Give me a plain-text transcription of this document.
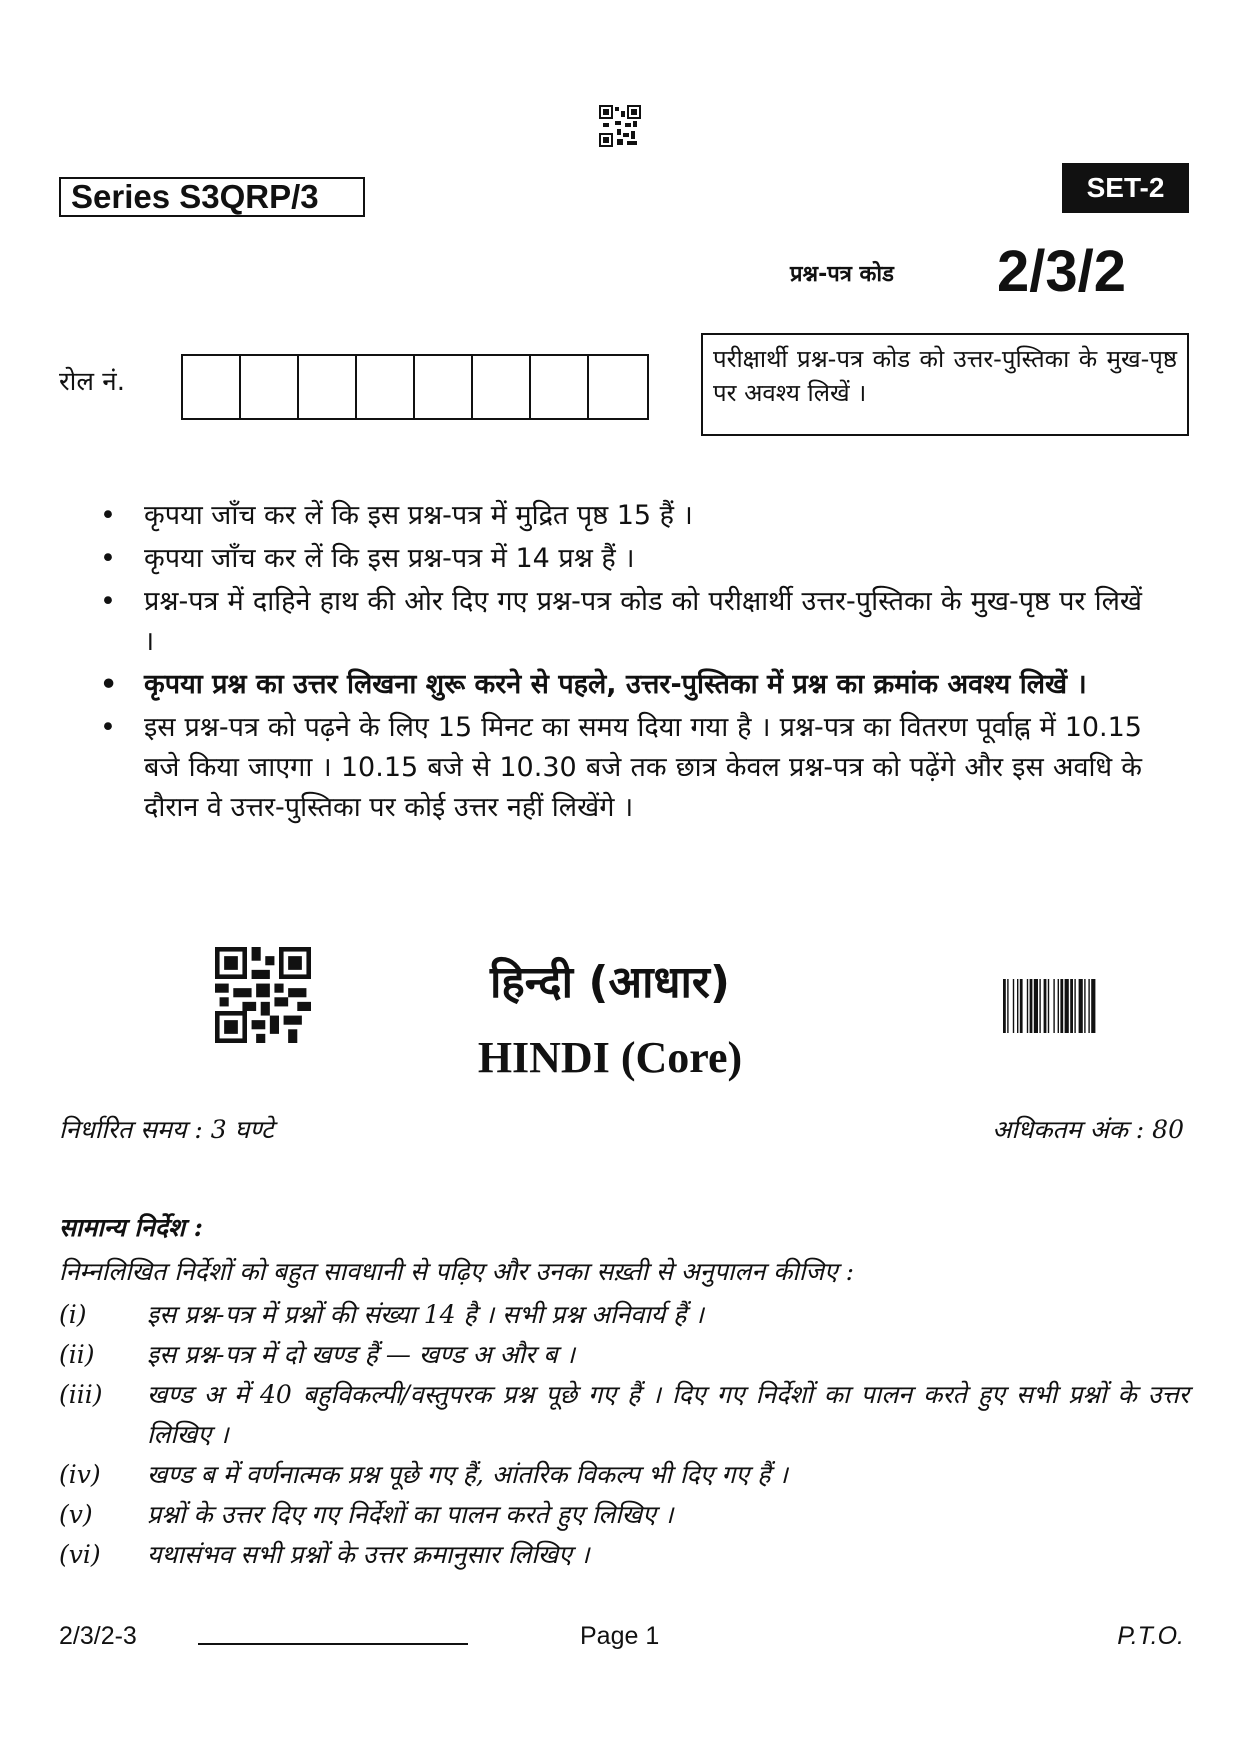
Series S3QRP/3	SET-2
प्रश्न-पत्र कोड 2/3/2
रोल नं.
परीक्षार्थी प्रश्न-पत्र कोड को उत्तर-पुस्तिका के मुख-पृष्ठ पर अवश्य लिखें ।
• कृपया जाँच कर लें कि इस प्रश्न-पत्र में मुद्रित पृष्ठ 15 हैं ।
• कृपया जाँच कर लें कि इस प्रश्न-पत्र में 14 प्रश्न हैं ।
• प्रश्न-पत्र में दाहिने हाथ की ओर दिए गए प्रश्न-पत्र कोड को परीक्षार्थी उत्तर-पुस्तिका के मुख-पृष्ठ पर लिखें ।
• कृपया प्रश्न का उत्तर लिखना शुरू करने से पहले, उत्तर-पुस्तिका में प्रश्न का क्रमांक अवश्य लिखें ।
• इस प्रश्न-पत्र को पढ़ने के लिए 15 मिनट का समय दिया गया है । प्रश्न-पत्र का वितरण पूर्वाह्न में 10.15 बजे किया जाएगा । 10.15 बजे से 10.30 बजे तक छात्र केवल प्रश्न-पत्र को पढ़ेंगे और इस अवधि के दौरान वे उत्तर-पुस्तिका पर कोई उत्तर नहीं लिखेंगे ।
हिन्दी (आधार)
HINDI (Core)
निर्धारित समय : 3 घण्टे	अधिकतम अंक : 80
सामान्य निर्देश :
निम्नलिखित निर्देशों को बहुत सावधानी से पढ़िए और उनका सख़्ती से अनुपालन कीजिए :
(i)	इस प्रश्न-पत्र में प्रश्नों की संख्या 14 है । सभी प्रश्न अनिवार्य हैं ।
(ii)	इस प्रश्न-पत्र में दो खण्ड हैं — खण्ड अ और ब ।
(iii)	खण्ड अ में 40 बहुविकल्पी/वस्तुपरक प्रश्न पूछे गए हैं । दिए गए निर्देशों का पालन करते हुए सभी प्रश्नों के उत्तर लिखिए ।
(iv)	खण्ड ब में वर्णनात्मक प्रश्न पूछे गए हैं, आंतरिक विकल्प भी दिए गए हैं ।
(v)	प्रश्नों के उत्तर दिए गए निर्देशों का पालन करते हुए लिखिए ।
(vi)	यथासंभव सभी प्रश्नों के उत्तर क्रमानुसार लिखिए ।
2/3/2-3	Page 1	P.T.O.
